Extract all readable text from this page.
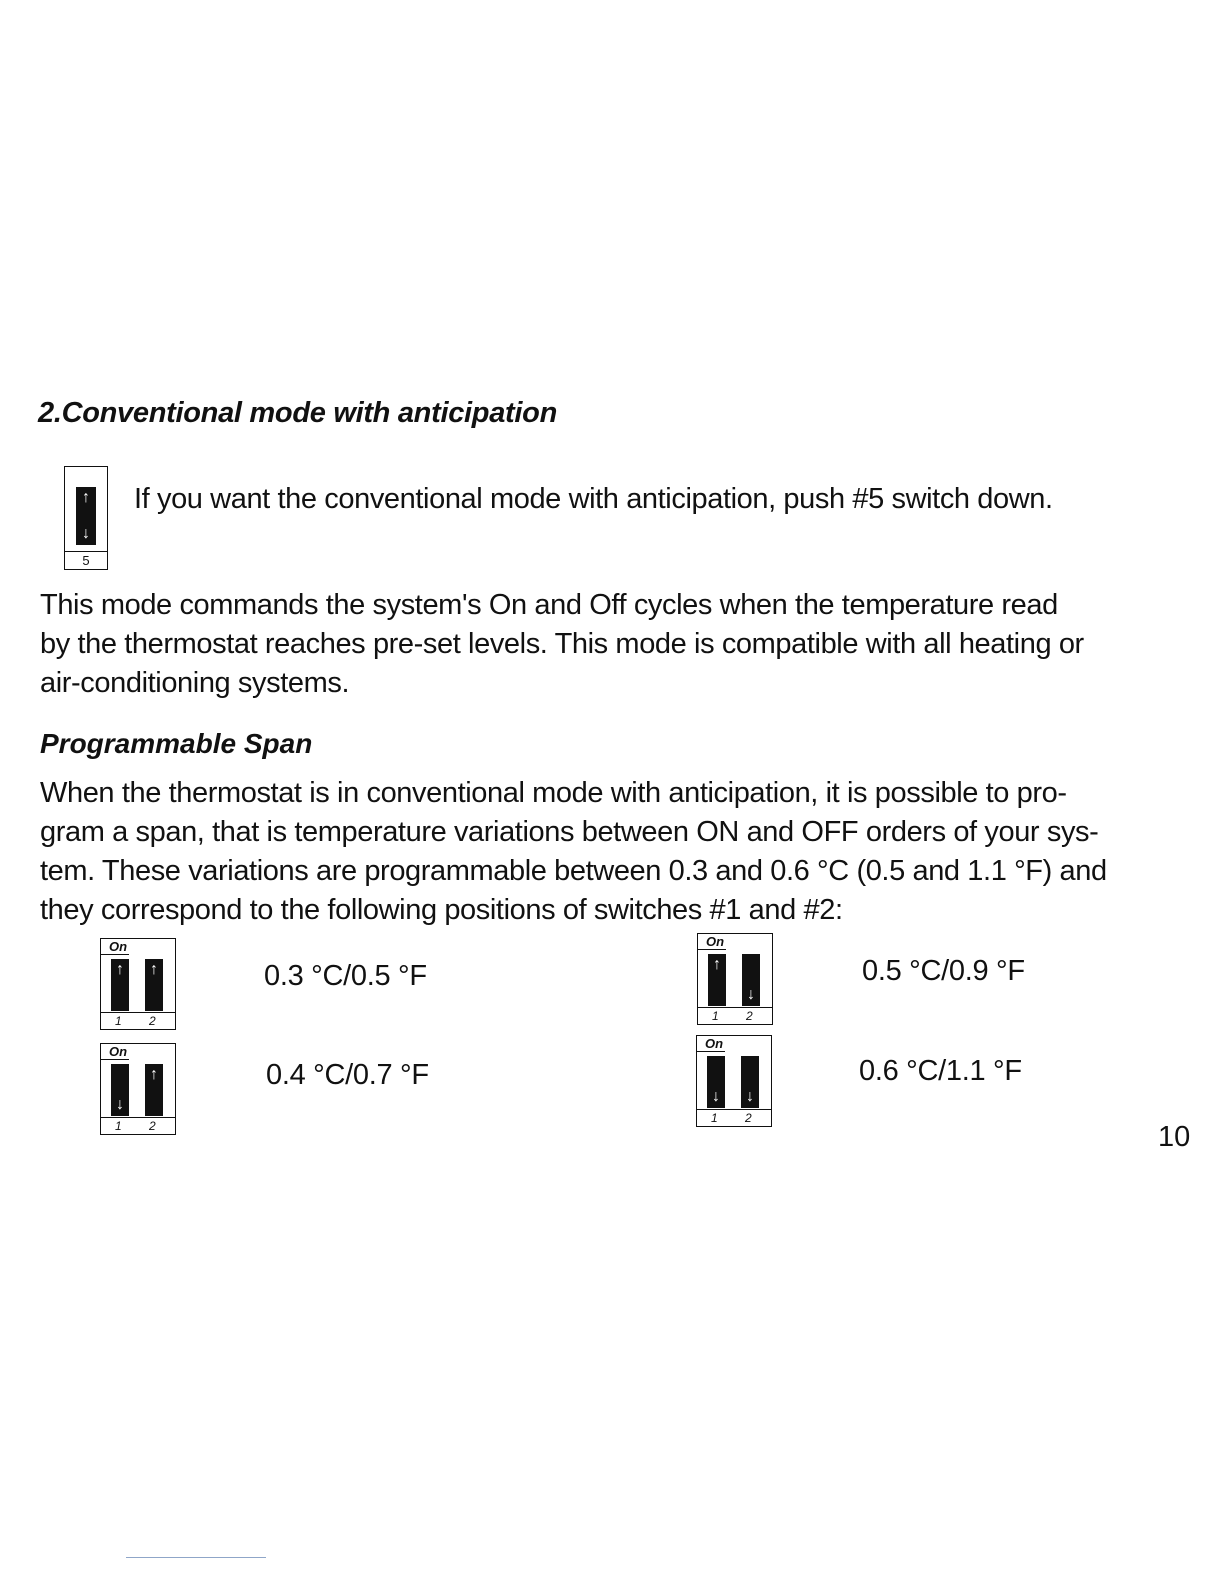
2.Conventional mode with anticipation
↑
↓
5

If you want the conventional mode with anticipation, push #5 switch down.

This mode commands the system's On and Off cycles when the temperature read
by the thermostat reaches pre-set levels. This mode is compatible with all heating or
air-conditioning systems.

Programmable Span

When the thermostat is in conventional mode with anticipation, it is possible to pro-
gram a span, that is temperature variations between ON and OFF orders of your sys-
tem. These variations are programmable between 0.3 and 0.6 °C (0.5 and 1.1 °F) and
they correspond to the following positions of switches #1 and #2:

On
↑	↑
1 2

0.3 °C/0.5 °F

On
↓
↑
1 2

0.4 °C/0.7 °F

On
↑
↓
1 2

0.5 °C/0.9 °F

On
↓	↓
1 2

0.6 °C/1.1 °F

10
